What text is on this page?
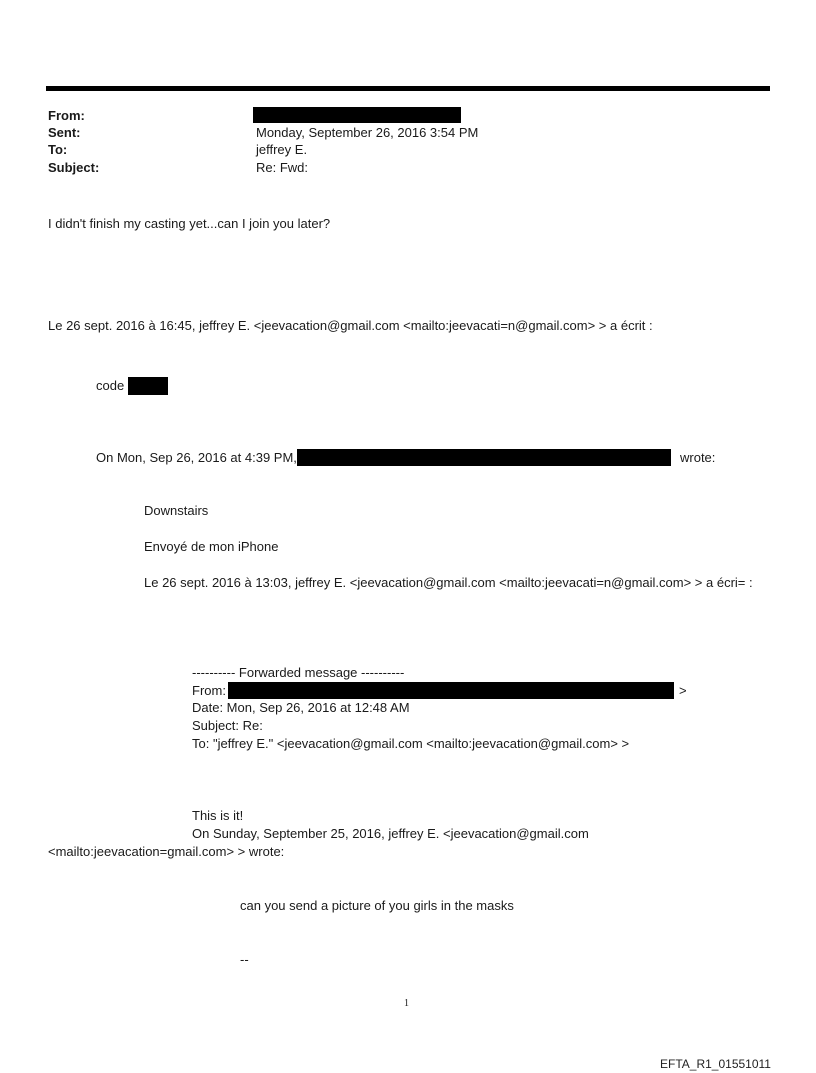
From:
Sent:	Monday, September 26, 2016 3:54 PM
To:	jeffrey E.
Subject:	Re: Fwd:
I didn't finish my casting yet...can I join you later?
Le 26 sept. 2016 à 16:45, jeffrey E. <jeevacation@gmail.com <mailto:jeevacati=n@gmail.com> > a écrit :
code
On Mon, Sep 26, 2016 at 4:39 PM,	wrote:
Downstairs
Envoyé de mon iPhone
Le 26 sept. 2016 à 13:03, jeffrey E. <jeevacation@gmail.com <mailto:jeevacati=n@gmail.com> > a écri= :
---------- Forwarded message ----------
From:	>
Date: Mon, Sep 26, 2016 at 12:48 AM
Subject: Re:
To: "jeffrey E." <jeevacation@gmail.com <mailto:jeevacation@gmail.com> >
This is it!
On Sunday, September 25, 2016, jeffrey E. <jeevacation@gmail.com
<mailto:jeevacation=gmail.com> > wrote:
can you send a picture of you girls in the masks
--
1
EFTA_R1_01551011
